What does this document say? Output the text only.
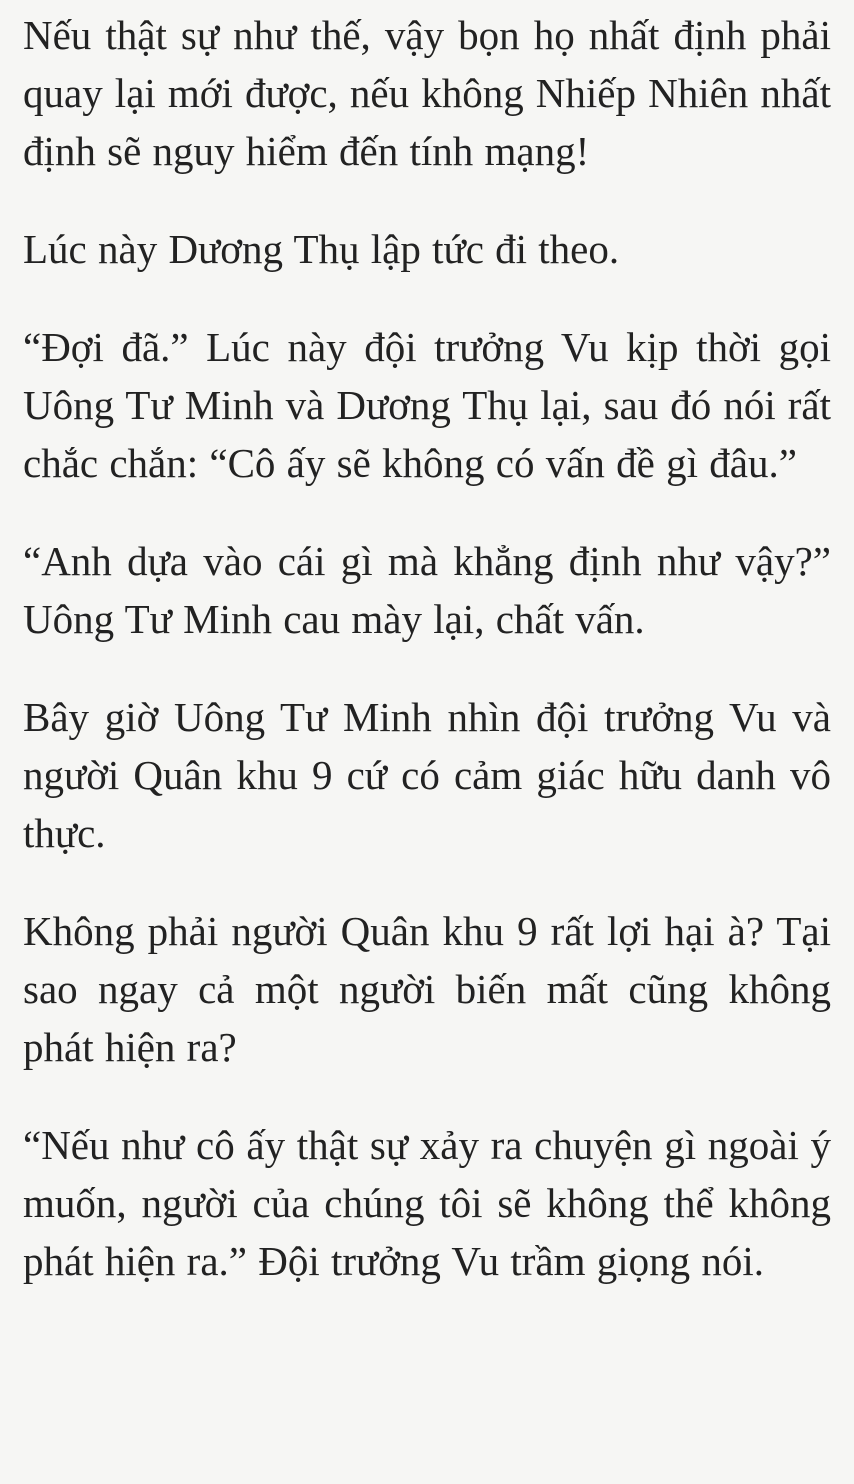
Nếu thật sự như thế, vậy bọn họ nhất định phải quay lại mới được, nếu không Nhiếp Nhiên nhất định sẽ nguy hiểm đến tính mạng!

Lúc này Dương Thụ lập tức đi theo.

“Đợi đã.” Lúc này đội trưởng Vu kịp thời gọi Uông Tư Minh và Dương Thụ lại, sau đó nói rất chắc chắn: “Cô ấy sẽ không có vấn đề gì đâu.”

“Anh dựa vào cái gì mà khẳng định như vậy?” Uông Tư Minh cau mày lại, chất vấn.

Bây giờ Uông Tư Minh nhìn đội trưởng Vu và người Quân khu 9 cứ có cảm giác hữu danh vô thực.

Không phải người Quân khu 9 rất lợi hại à? Tại sao ngay cả một người biến mất cũng không phát hiện ra?

“Nếu như cô ấy thật sự xảy ra chuyện gì ngoài ý muốn, người của chúng tôi sẽ không thể không phát hiện ra.” Đội trưởng Vu trầm giọng nói.
